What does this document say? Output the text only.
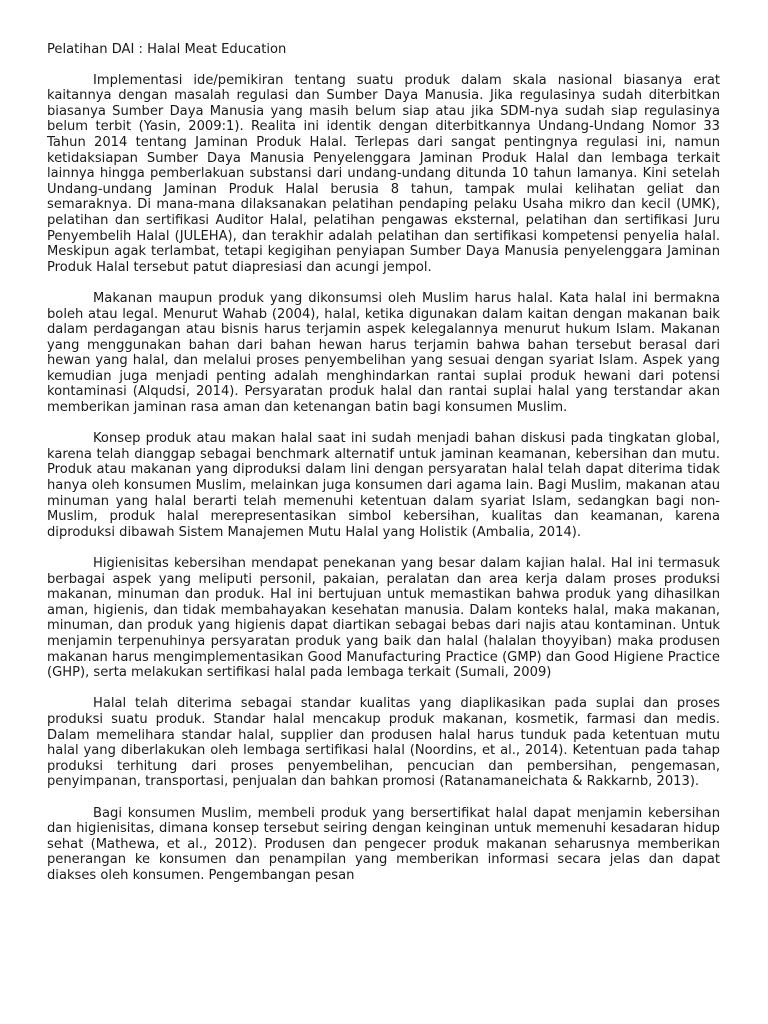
Pelatihan DAI : Halal Meat Education

Implementasi ide/pemikiran tentang suatu produk dalam skala nasional biasanya erat kaitannya dengan masalah regulasi dan Sumber Daya Manusia. Jika regulasinya sudah diterbitkan biasanya Sumber Daya Manusia yang masih belum siap atau jika SDM-nya sudah siap regulasinya belum terbit (Yasin, 2009:1). Realita ini identik dengan diterbitkannya Undang-Undang Nomor 33 Tahun 2014 tentang Jaminan Produk Halal. Terlepas dari sangat pentingnya regulasi ini, namun ketidaksiapan Sumber Daya Manusia Penyelenggara Jaminan Produk Halal dan lembaga terkait lainnya hingga pemberlakuan substansi dari undang-undang ditunda 10 tahun lamanya. Kini setelah Undang-undang Jaminan Produk Halal berusia 8 tahun, tampak mulai kelihatan geliat dan semaraknya. Di mana-mana dilaksanakan pelatihan pendaping pelaku Usaha mikro dan kecil (UMK), pelatihan dan sertifikasi Auditor Halal, pelatihan pengawas eksternal, pelatihan dan sertifikasi Juru Penyembelih Halal (JULEHA), dan terakhir adalah pelatihan dan sertifikasi kompetensi penyelia halal. Meskipun agak terlambat, tetapi kegigihan penyiapan Sumber Daya Manusia penyelenggara Jaminan Produk Halal tersebut patut diapresiasi dan acungi jempol.

Makanan maupun produk yang dikonsumsi oleh Muslim harus halal. Kata halal ini bermakna boleh atau legal. Menurut Wahab (2004), halal, ketika digunakan dalam kaitan dengan makanan baik dalam perdagangan atau bisnis harus terjamin aspek kelegalannya menurut hukum Islam. Makanan yang menggunakan bahan dari bahan hewan harus terjamin bahwa bahan tersebut berasal dari hewan yang halal, dan melalui proses penyembelihan yang sesuai dengan syariat Islam. Aspek yang kemudian juga menjadi penting adalah menghindarkan rantai suplai produk hewani dari potensi kontaminasi (Alqudsi, 2014). Persyaratan produk halal dan rantai suplai halal yang terstandar akan memberikan jaminan rasa aman dan ketenangan batin bagi konsumen Muslim.

Konsep produk atau makan halal saat ini sudah menjadi bahan diskusi pada tingkatan global, karena telah dianggap sebagai benchmark alternatif untuk jaminan keamanan, kebersihan dan mutu. Produk atau makanan yang diproduksi dalam lini dengan persyaratan halal telah dapat diterima tidak hanya oleh konsumen Muslim, melainkan juga konsumen dari agama lain. Bagi Muslim, makanan atau minuman yang halal berarti telah memenuhi ketentuan dalam syariat Islam, sedangkan bagi non-Muslim, produk halal merepresentasikan simbol kebersihan, kualitas dan keamanan, karena diproduksi dibawah Sistem Manajemen Mutu Halal yang Holistik (Ambalia, 2014).

Higienisitas kebersihan mendapat penekanan yang besar dalam kajian halal. Hal ini termasuk berbagai aspek yang meliputi personil, pakaian, peralatan dan area kerja dalam proses produksi makanan, minuman dan produk. Hal ini bertujuan untuk memastikan bahwa produk yang dihasilkan aman, higienis, dan tidak membahayakan kesehatan manusia. Dalam konteks halal, maka makanan, minuman, dan produk yang higienis dapat diartikan sebagai bebas dari najis atau kontaminan. Untuk menjamin terpenuhinya persyaratan produk yang baik dan halal (halalan thoyyiban) maka produsen makanan harus mengimplementasikan Good Manufacturing Practice (GMP) dan Good Higiene Practice (GHP), serta melakukan sertifikasi halal pada lembaga terkait (Sumali, 2009)

Halal telah diterima sebagai standar kualitas yang diaplikasikan pada suplai dan proses produksi suatu produk. Standar halal mencakup produk makanan, kosmetik, farmasi dan medis. Dalam memelihara standar halal, supplier dan produsen halal harus tunduk pada ketentuan mutu halal yang diberlakukan oleh lembaga sertifikasi halal (Noordins, et al., 2014). Ketentuan pada tahap produksi terhitung dari proses penyembelihan, pencucian dan pembersihan, pengemasan, penyimpanan, transportasi, penjualan dan bahkan promosi (Ratanamaneichata & Rakkarnb, 2013).

Bagi konsumen Muslim, membeli produk yang bersertifikat halal dapat menjamin kebersihan dan higienisitas, dimana konsep tersebut seiring dengan keinginan untuk memenuhi kesadaran hidup sehat (Mathewa, et al., 2012). Produsen dan pengecer produk makanan seharusnya memberikan penerangan ke konsumen dan penampilan yang memberikan informasi secara jelas dan dapat diakses oleh konsumen. Pengembangan pesan
